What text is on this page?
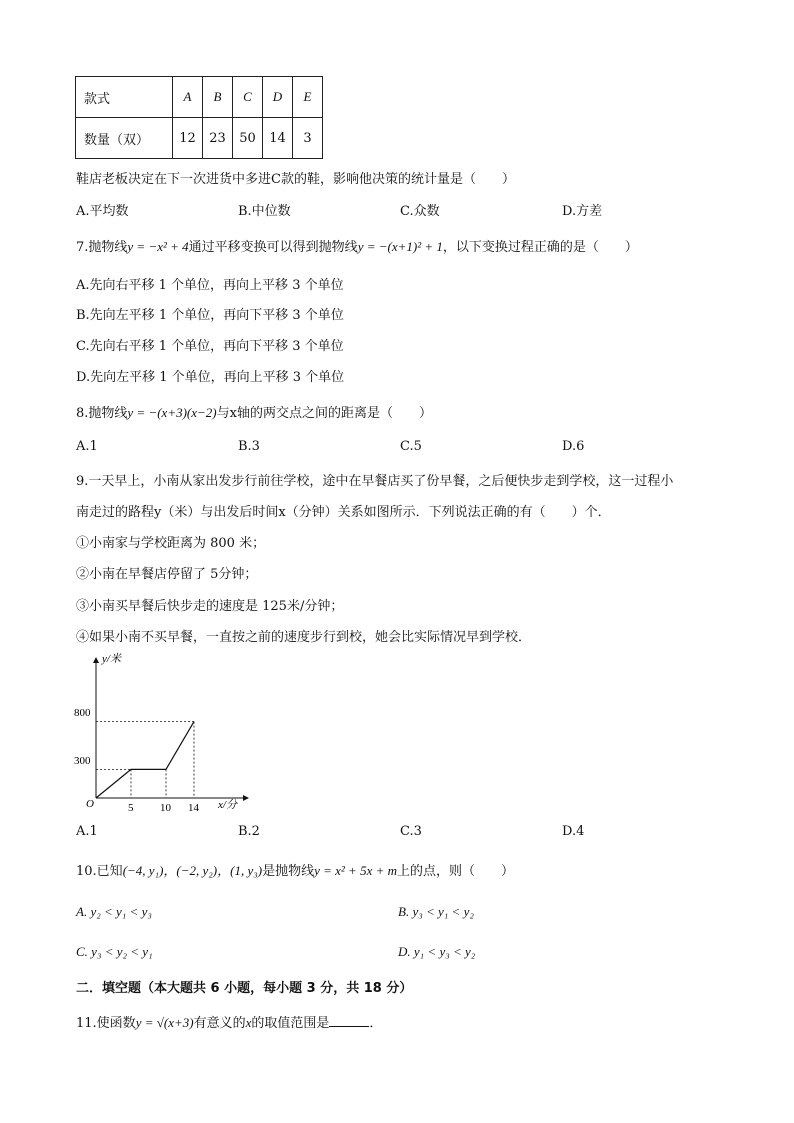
款式	A	B	C	D	E
数量（双）	12	23	50	14	3
鞋店老板决定在下一次进货中多进C款的鞋，影响他决策的统计量是（　　）
A.平均数	B.中位数	C.众数	D.方差
7.抛物线y = −x² + 4通过平移变换可以得到抛物线y = −(x+1)² + 1，以下变换过程正确的是（　　）
A.先向右平移 1 个单位，再向上平移 3 个单位
B.先向左平移 1 个单位，再向下平移 3 个单位
C.先向右平移 1 个单位，再向下平移 3 个单位
D.先向左平移 1 个单位，再向上平移 3 个单位
8.抛物线y = −(x+3)(x−2)与x轴的两交点之间的距离是（　　）
A.1	B.3	C.5	D.6
9.一天早上，小南从家出发步行前往学校，途中在早餐店买了份早餐，之后便快步走到学校，这一过程小
南走过的路程y（米）与出发后时间x（分钟）关系如图所示．下列说法正确的有（　　）个．
①小南家与学校距离为 800 米；
②小南在早餐店停留了 5分钟；
③小南买早餐后快步走的速度是 125米/分钟；
④如果小南不买早餐，一直按之前的速度步行到校，她会比实际情况早到学校．
y/米
x/分
O
800
300
5 10 14
A.1	B.2	C.3	D.4
10.已知(−4, y₁)，(−2, y₂)，(1, y₃)是抛物线y = x² + 5x + m上的点，则（　　）
A. y₂ < y₁ < y₃	B. y₃ < y₁ < y₂
C. y₃ < y₂ < y₁	D. y₁ < y₃ < y₂
二．填空题（本大题共 6 小题，每小题 3 分，共 18 分）
11.使函数y = √(x+3)有意义的x的取值范围是	．
